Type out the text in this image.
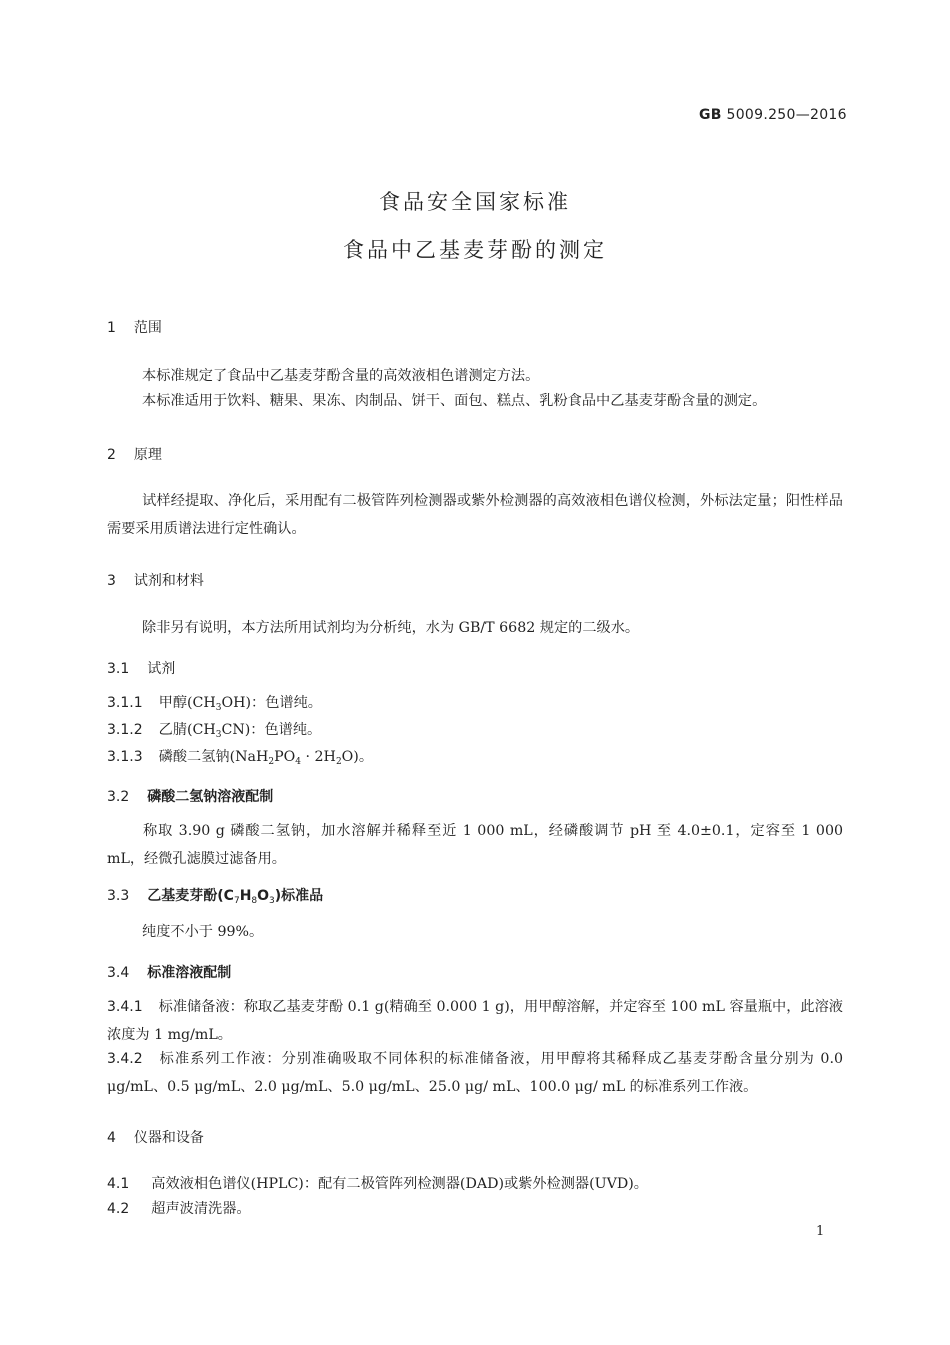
GB 5009.250—2016
食品安全国家标准
食品中乙基麦芽酚的测定
1 范围
本标准规定了食品中乙基麦芽酚含量的高效液相色谱测定方法。
本标准适用于饮料、糖果、果冻、肉制品、饼干、面包、糕点、乳粉食品中乙基麦芽酚含量的测定。
2 原理
试样经提取、净化后，采用配有二极管阵列检测器或紫外检测器的高效液相色谱仪检测，外标法定量；阳性样品需要采用质谱法进行定性确认。
3 试剂和材料
除非另有说明，本方法所用试剂均为分析纯，水为 GB/T 6682 规定的二级水。
3.1 试剂
3.1.1 甲醇$(CH_3OH)$：色谱纯。
3.1.2 乙腈$(CH_3CN)$：色谱纯。
3.1.3 磷酸二氢钠$(NaH_2PO_4 \cdot 2H_2O)$。
3.2 磷酸二氢钠溶液配制
称取 3.90 g 磷酸二氢钠，加水溶解并稀释至近 1 000 mL，经磷酸调节 pH 至 4.0±0.1，定容至 1 000 mL，经微孔滤膜过滤备用。
3.3 乙基麦芽酚$(C_7H_8O_3)$标准品
纯度不小于 99%。
3.4 标准溶液配制
3.4.1 标准储备液：称取乙基麦芽酚 0.1 g(精确至 0.000 1 g)，用甲醇溶解，并定容至 100 mL 容量瓶中，此溶液浓度为 1 mg/mL。
3.4.2 标准系列工作液：分别准确吸取不同体积的标准储备液，用甲醇将其稀释成乙基麦芽酚含量分别为 0.0 μg/mL、0.5 μg/mL、2.0 μg/mL、5.0 μg/mL、25.0 μg/ mL、100.0 μg/ mL 的标准系列工作液。
4 仪器和设备
4.1 高效液相色谱仪(HPLC)：配有二极管阵列检测器(DAD)或紫外检测器(UVD)。
4.2 超声波清洗器。
1
